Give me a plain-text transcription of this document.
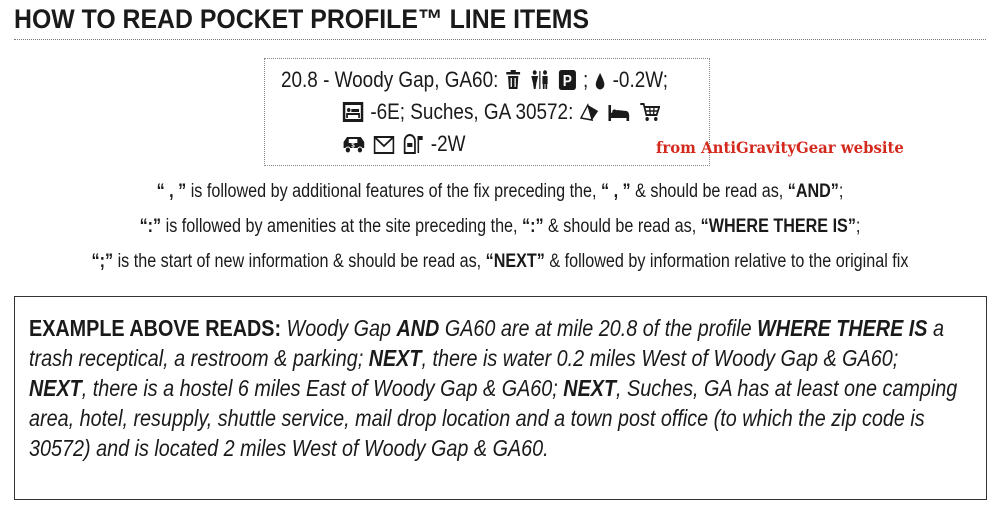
HOW TO READ POCKET PROFILE™ LINE ITEMS
20.8 - Woody Gap, GA60:	P ; -0.2W;
-6E; Suches, GA 30572:
$	-2W	from AntiGravityGear website
“ , ” is followed by additional features of the fix preceding the, “ , ” & should be read as, “AND”;
“:” is followed by amenities at the site preceding the, “:” & should be read as, “WHERE THERE IS”;
“;” is the start of new information & should be read as, “NEXT” & followed by information relative to the original fix
EXAMPLE ABOVE READS: Woody Gap AND GA60 are at mile 20.8 of the profile WHERE THERE IS a trash receptical, a restroom & parking; NEXT, there is water 0.2 miles West of Woody Gap & GA60; NEXT, there is a hostel 6 miles East of Woody Gap & GA60; NEXT, Suches, GA has at least one camping area, hotel, resupply, shuttle service, mail drop location and a town post office (to which the zip code is 30572) and is located 2 miles West of Woody Gap & GA60.
